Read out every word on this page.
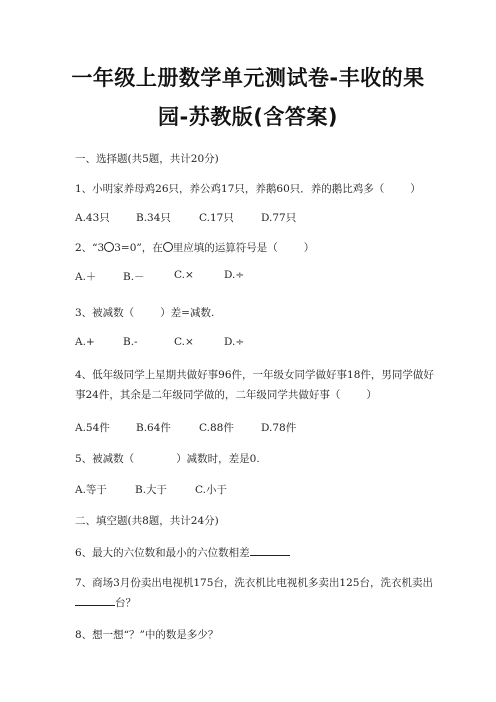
一年级上册数学单元测试卷-丰收的果
园-苏教版(含答案)
一、选择题(共5题，共计20分)
1、小明家养母鸡26只，养公鸡17只，养鹅60只．养的鹅比鸡多（ ）
A.43只 B.34只	C.17只	D.77只
2、“3 3=0”，在 里应填的运算符号是（ ）
A.＋	B.－	C.×	D.÷
3、被减数（ ）差=减数.
A.+	B.-	C.×	D.÷
4、低年级同学上星期共做好事96件，一年级女同学做好事18件，男同学做好
事24件，其余是二年级同学做的，二年级同学共做好事（ ）
A.54件 B.64件	C.88件	D.78件
5、被减数（	）减数时，差是0.
A.等于	B.大于	C.小于
二、填空题(共8题，共计24分)
6、最大的六位数和最小的六位数相差
7、商场3月份卖出电视机175台，洗衣机比电视机多卖出125台，洗衣机卖出
台？
8、想一想“？”中的数是多少？
